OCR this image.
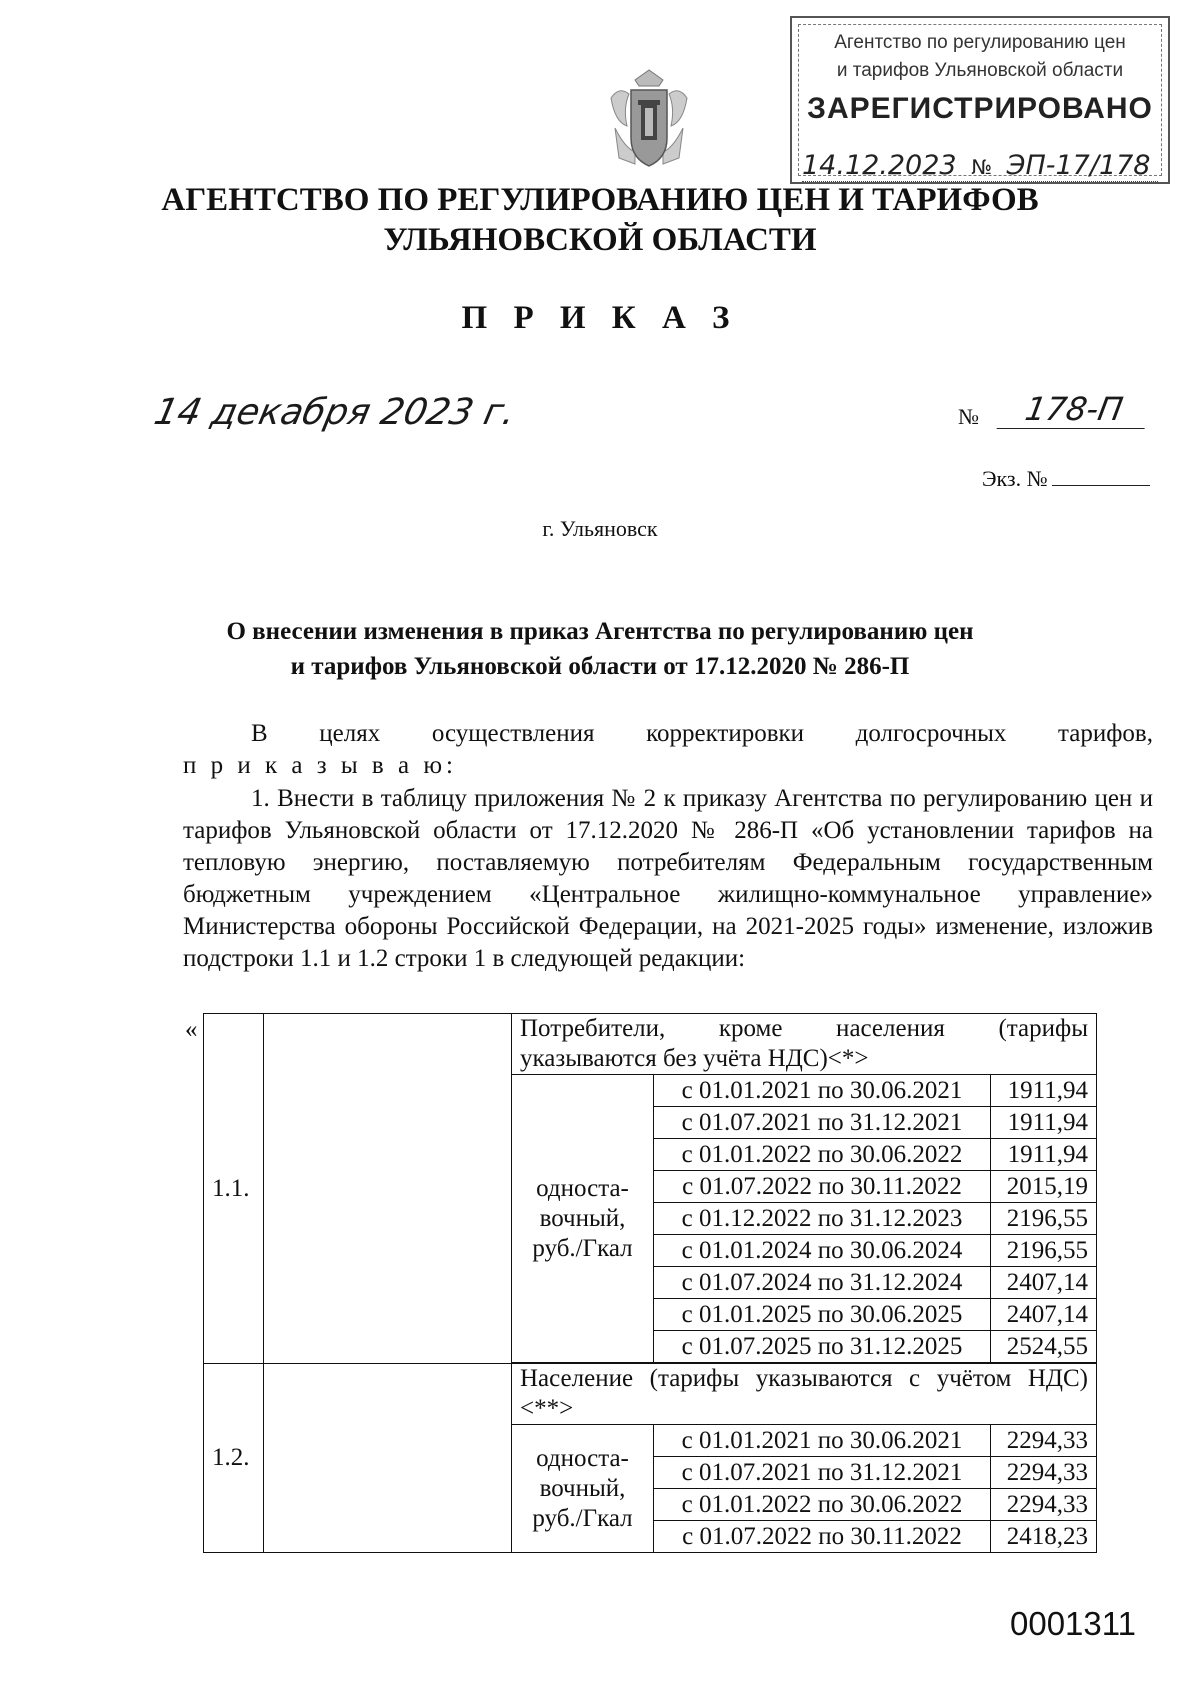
Агентство по регулированию цен
и тарифов Ульяновской области
ЗАРЕГИСТРИРОВАНО
14.12.2023 № ЭП-17/178
АГЕНТСТВО ПО РЕГУЛИРОВАНИЮ ЦЕН И ТАРИФОВ
УЛЬЯНОВСКОЙ ОБЛАСТИ
П Р И К А З
14 декабря 2023 г.	№	178-П
Экз. №
г. Ульяновск
О внесении изменения в приказ Агентства по регулированию цен
и тарифов Ульяновской области от 17.12.2020 № 286-П
В целях осуществления корректировки долгосрочных тарифов,
п р и к а з ы в а ю:
1. Внести в таблицу приложения № 2 к приказу Агентства по регулированию цен и тарифов Ульяновской области от 17.12.2020 № 286-П «Об установлении тарифов на тепловую энергию, поставляемую потребителям Федеральным государственным бюджетным учреждением «Центральное жилищно-коммунальное управление» Министерства обороны Российской Федерации, на 2021-2025 годы» изменение, изложив подстроки 1.1 и 1.2 строки 1 в следующей редакции:
«
1.1.		Потребители, кроме населения (тарифы указываются без учёта НДС)<*>		

		односта-
вочный,
руб./Гкал	с 01.01.2021 по 30.06.2021	1911,94
			с 01.07.2021 по 31.12.2021	1911,94
			с 01.01.2022 по 30.06.2022	1911,94
			с 01.07.2022 по 30.11.2022	2015,19
			с 01.12.2022 по 31.12.2023	2196,55
			с 01.01.2024 по 30.06.2024	2196,55
			с 01.07.2024 по 31.12.2024	2407,14
			с 01.01.2025 по 30.06.2025	2407,14
			с 01.07.2025 по 31.12.2025	2524,55

1.2.		Население (тарифы указываются с учётом НДС)<**>		

		односта-
вочный,
руб./Гкал	с 01.01.2021 по 30.06.2021	2294,33
			с 01.07.2021 по 31.12.2021	2294,33
			с 01.01.2022 по 30.06.2022	2294,33
			с 01.07.2022 по 30.11.2022	2418,23
0001311
